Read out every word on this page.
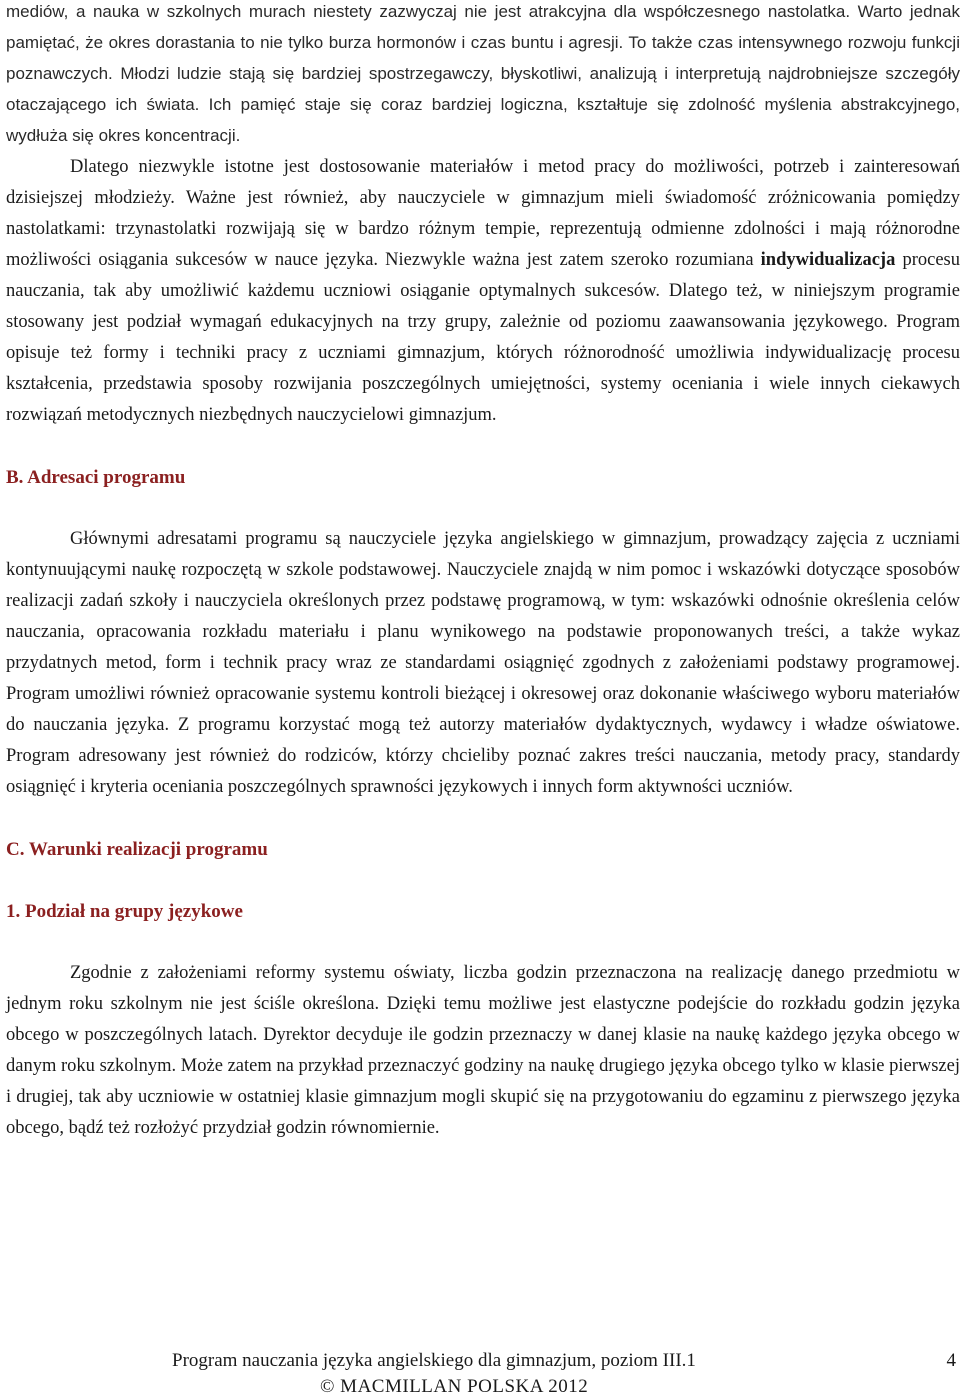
mediów, a nauka w szkolnych murach niestety zazwyczaj nie jest atrakcyjna dla współczesnego nastolatka. Warto jednak pamiętać, że okres dorastania to nie tylko burza hormonów i czas buntu i agresji. To także czas intensywnego rozwoju funkcji poznawczych. Młodzi ludzie stają się bardziej spostrzegawczy, błyskotliwi, analizują i interpretują najdrobniejsze szczegóły otaczającego ich świata. Ich pamięć staje się coraz bardziej logiczna, kształtuje się zdolność myślenia abstrakcyjnego, wydłuża się okres koncentracji.

Dlatego niezwykle istotne jest dostosowanie materiałów i metod pracy do możliwości, potrzeb i zainteresowań dzisiejszej młodzieży. Ważne jest również, aby nauczyciele w gimnazjum mieli świadomość zróżnicowania pomiędzy nastolatkami: trzynastolatki rozwijają się w bardzo różnym tempie, reprezentują odmienne zdolności i mają różnorodne możliwości osiągania sukcesów w nauce języka. Niezwykle ważna jest zatem szeroko rozumiana indywidualizacja procesu nauczania, tak aby umożliwić każdemu uczniowi osiąganie optymalnych sukcesów. Dlatego też, w niniejszym programie stosowany jest podział wymagań edukacyjnych na trzy grupy, zależnie od poziomu zaawansowania językowego. Program opisuje też formy i techniki pracy z uczniami gimnazjum, których różnorodność umożliwia indywidualizację procesu kształcenia, przedstawia sposoby rozwijania poszczególnych umiejętności, systemy oceniania i wiele innych ciekawych rozwiązań metodycznych niezbędnych nauczycielowi gimnazjum.

B. Adresaci programu

Głównymi adresatami programu są nauczyciele języka angielskiego w gimnazjum, prowadzący zajęcia z uczniami kontynuującymi naukę rozpoczętą w szkole podstawowej. Nauczyciele znajdą w nim pomoc i wskazówki dotyczące sposobów realizacji zadań szkoły i nauczyciela określonych przez podstawę programową, w tym: wskazówki odnośnie określenia celów nauczania, opracowania rozkładu materiału i planu wynikowego na podstawie proponowanych treści, a także wykaz przydatnych metod, form i technik pracy wraz ze standardami osiągnięć zgodnych z założeniami podstawy programowej. Program umożliwi również opracowanie systemu kontroli bieżącej i okresowej oraz dokonanie właściwego wyboru materiałów do nauczania języka. Z programu korzystać mogą też autorzy materiałów dydaktycznych, wydawcy i władze oświatowe. Program adresowany jest również do rodziców, którzy chcieliby poznać zakres treści nauczania, metody pracy, standardy osiągnięć i kryteria oceniania poszczególnych sprawności językowych i innych form aktywności uczniów.

C. Warunki realizacji programu
1. Podział na grupy językowe

Zgodnie z założeniami reformy systemu oświaty, liczba godzin przeznaczona na realizację danego przedmiotu w jednym roku szkolnym nie jest ściśle określona. Dzięki temu możliwe jest elastyczne podejście do rozkładu godzin języka obcego w poszczególnych latach. Dyrektor decyduje ile godzin przeznaczy w danej klasie na naukę każdego języka obcego w danym roku szkolnym. Może zatem na przykład przeznaczyć godziny na naukę drugiego języka obcego tylko w klasie pierwszej i drugiej, tak aby uczniowie w ostatniej klasie gimnazjum mogli skupić się na przygotowaniu do egzaminu z pierwszego języka obcego, bądź też rozłożyć przydział godzin równomiernie.

Program nauczania języka angielskiego dla gimnazjum, poziom III.1	4
© MACMILLAN POLSKA 2012
